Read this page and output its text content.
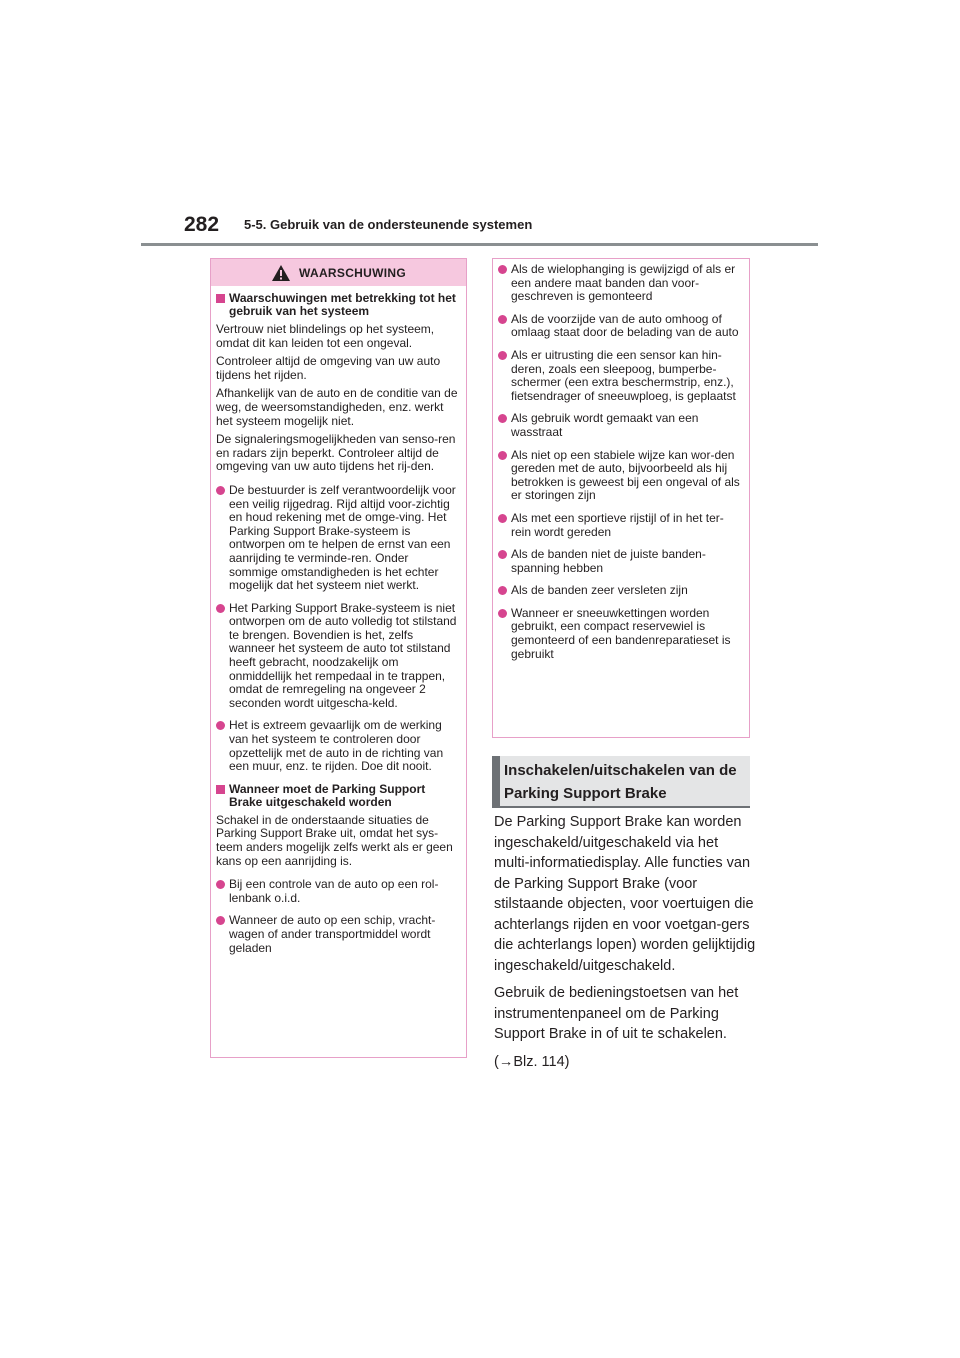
282 5-5. Gebruik van de ondersteunende systemen
WAARSCHUWING
Waarschuwingen met betrekking tot het gebruik van het systeem

Vertrouw niet blindelings op het systeem, omdat dit kan leiden tot een ongeval.

Controleer altijd de omgeving van uw auto tijdens het rijden.

Afhankelijk van de auto en de conditie van de weg, de weersomstandigheden, enz. werkt het systeem mogelijk niet.

De signaleringsmogelijkheden van senso-ren en radars zijn beperkt. Controleer altijd de omgeving van uw auto tijdens het rij-den.

De bestuurder is zelf verantwoordelijk voor een veilig rijgedrag. Rijd altijd voor-zichtig en houd rekening met de omge-ving. Het Parking Support Brake-systeem is ontworpen om te helpen de ernst van een aanrijding te verminde-ren. Onder sommige omstandigheden is het echter mogelijk dat het systeem niet werkt.
Het Parking Support Brake-systeem is niet ontworpen om de auto volledig tot stilstand te brengen. Bovendien is het, zelfs wanneer het systeem de auto tot stilstand heeft gebracht, noodzakelijk om onmiddellijk het rempedaal in te trappen, omdat de remregeling na ongeveer 2 seconden wordt uitgescha-keld.
Het is extreem gevaarlijk om de werking van het systeem te controleren door opzettelijk met de auto in de richting van een muur, enz. te rijden. Doe dit nooit.
Wanneer moet de Parking Support Brake uitgeschakeld worden

Schakel in de onderstaande situaties de Parking Support Brake uit, omdat het sys-teem anders mogelijk zelfs werkt als er geen kans op een aanrijding is.

Bij een controle van de auto op een rol-lenbank o.i.d.
Wanneer de auto op een schip, vracht-wagen of ander transportmiddel wordt geladen
Als de wielophanging is gewijzigd of als er een andere maat banden dan voor-geschreven is gemonteerd
Als de voorzijde van de auto omhoog of omlaag staat door de belading van de auto
Als er uitrusting die een sensor kan hin-deren, zoals een sleepoog, bumperbe-schermer (een extra beschermstrip, enz.), fietsendrager of sneeuwploeg, is geplaatst
Als gebruik wordt gemaakt van een wasstraat
Als niet op een stabiele wijze kan wor-den gereden met de auto, bijvoorbeeld als hij betrokken is geweest bij een ongeval of als er storingen zijn
Als met een sportieve rijstijl of in het ter-rein wordt gereden
Als de banden niet de juiste banden-spanning hebben
Als de banden zeer versleten zijn
Wanneer er sneeuwkettingen worden gebruikt, een compact reservewiel is gemonteerd of een bandenreparatieset is gebruikt
Inschakelen/uitschakelen van de Parking Support Brake

De Parking Support Brake kan worden ingeschakeld/uitgeschakeld via het multi-informatiedisplay. Alle functies van de Parking Support Brake (voor stilstaande objecten, voor voertuigen die achterlangs rijden en voor voetgan-gers die achterlangs lopen) worden gelijktijdig ingeschakeld/uitgeschakeld.

Gebruik de bedieningstoetsen van het instrumentenpaneel om de Parking Support Brake in of uit te schakelen.

(→Blz. 114)
